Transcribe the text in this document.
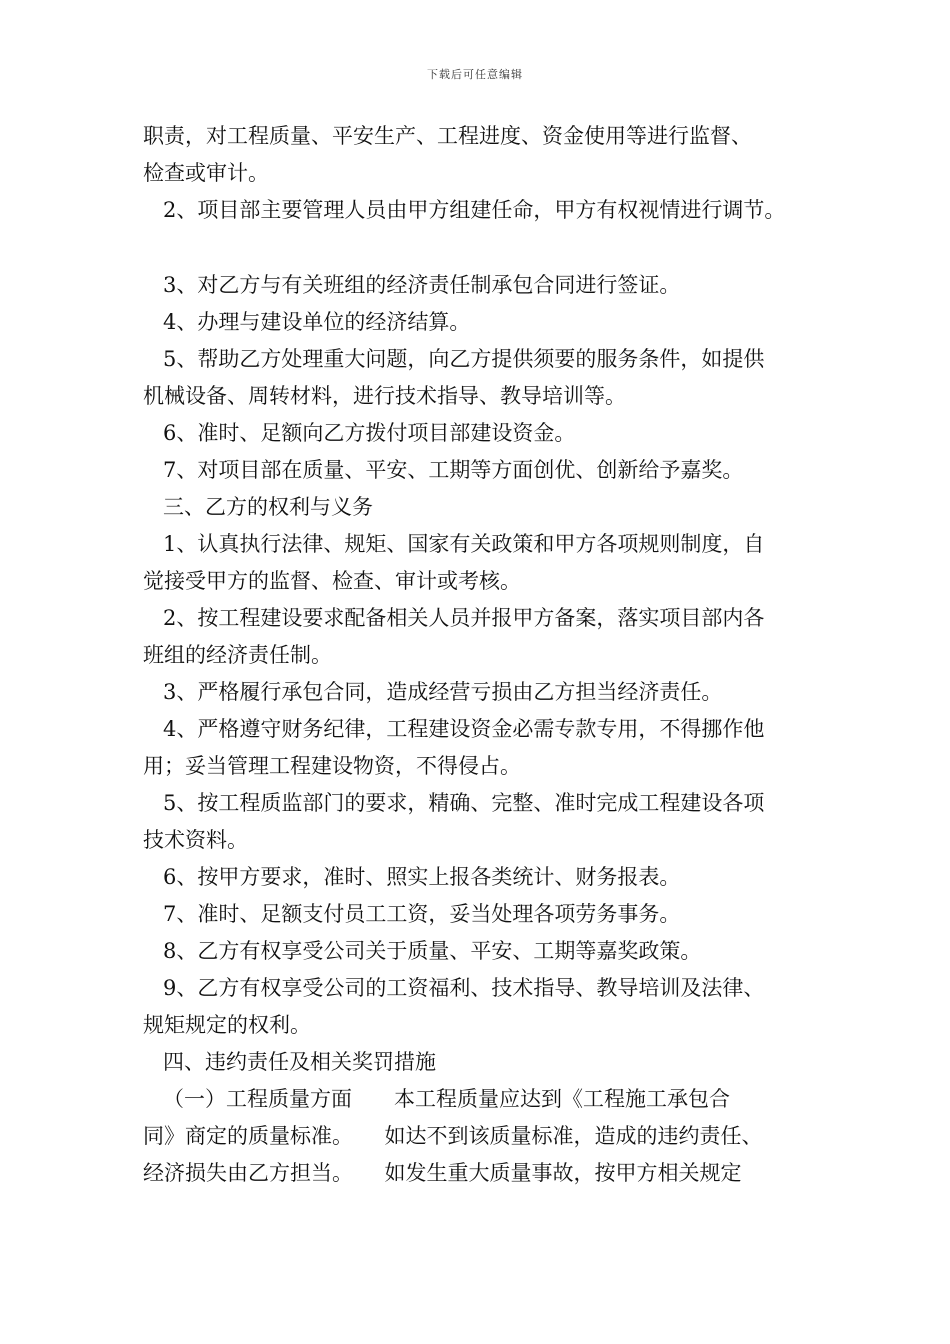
下载后可任意编辑
职责，对工程质量、平安生产、工程进度、资金使用等进行监督、
检查或审计。
2、项目部主要管理人员由甲方组建任命，甲方有权视情进行调节。
3、对乙方与有关班组的经济责任制承包合同进行签证。
4、办理与建设单位的经济结算。
5、帮助乙方处理重大问题，向乙方提供须要的服务条件，如提供
机械设备、周转材料，进行技术指导、教导培训等。
6、准时、足额向乙方拨付项目部建设资金。
7、对项目部在质量、平安、工期等方面创优、创新给予嘉奖。
三、乙方的权利与义务
1、认真执行法律、规矩、国家有关政策和甲方各项规则制度，自
觉接受甲方的监督、检查、审计或考核。
2、按工程建设要求配备相关人员并报甲方备案，落实项目部内各
班组的经济责任制。
3、严格履行承包合同，造成经营亏损由乙方担当经济责任。
4、严格遵守财务纪律，工程建设资金必需专款专用，不得挪作他
用；妥当管理工程建设物资，不得侵占。
5、按工程质监部门的要求，精确、完整、准时完成工程建设各项
技术资料。
6、按甲方要求，准时、照实上报各类统计、财务报表。
7、准时、足额支付员工工资，妥当处理各项劳务事务。
8、乙方有权享受公司关于质量、平安、工期等嘉奖政策。
9、乙方有权享受公司的工资福利、技术指导、教导培训及法律、
规矩规定的权利。
四、违约责任及相关奖罚措施
（一）工程质量方面　　本工程质量应达到《工程施工承包合
同》商定的质量标准。　　如达不到该质量标准，造成的违约责任、
经济损失由乙方担当。　　如发生重大质量事故，按甲方相关规定
